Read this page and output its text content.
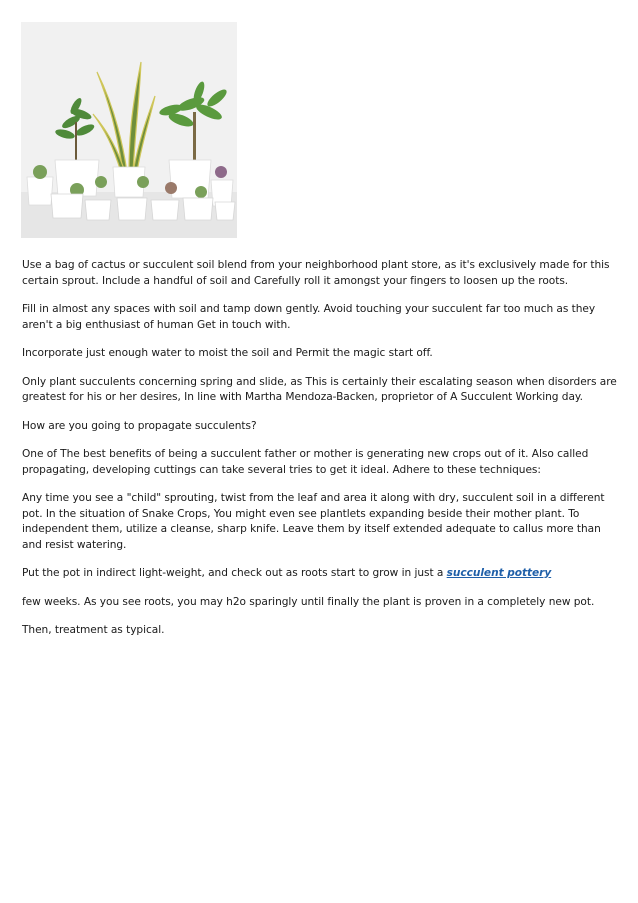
Use a bag of cactus or succulent soil blend from your neighborhood plant store, as it's exclusively made for this certain sprout. Include a handful of soil and Carefully roll it amongst your fingers to loosen up the roots.

Fill in almost any spaces with soil and tamp down gently. Avoid touching your succulent far too much as they aren't a big enthusiast of human Get in touch with.

Incorporate just enough water to moist the soil and Permit the magic start off.

Only plant succulents concerning spring and slide, as This is certainly their escalating season when disorders are greatest for his or her desires, In line with Martha Mendoza-Backen, proprietor of A Succulent Working day.

How are you going to propagate succulents?

One of The best benefits of being a succulent father or mother is generating new crops out of it. Also called propagating, developing cuttings can take several tries to get it ideal. Adhere to these techniques:

Any time you see a "child" sprouting, twist from the leaf and area it along with dry, succulent soil in a different pot. In the situation of Snake Crops, You might even see plantlets expanding beside their mother plant. To independent them, utilize a cleanse, sharp knife. Leave them by itself extended adequate to callus more than and resist watering.

Put the pot in indirect light-weight, and check out as roots start to grow in just a succulent pottery

few weeks. As you see roots, you may h2o sparingly until finally the plant is proven in a completely new pot.

Then, treatment as typical.
